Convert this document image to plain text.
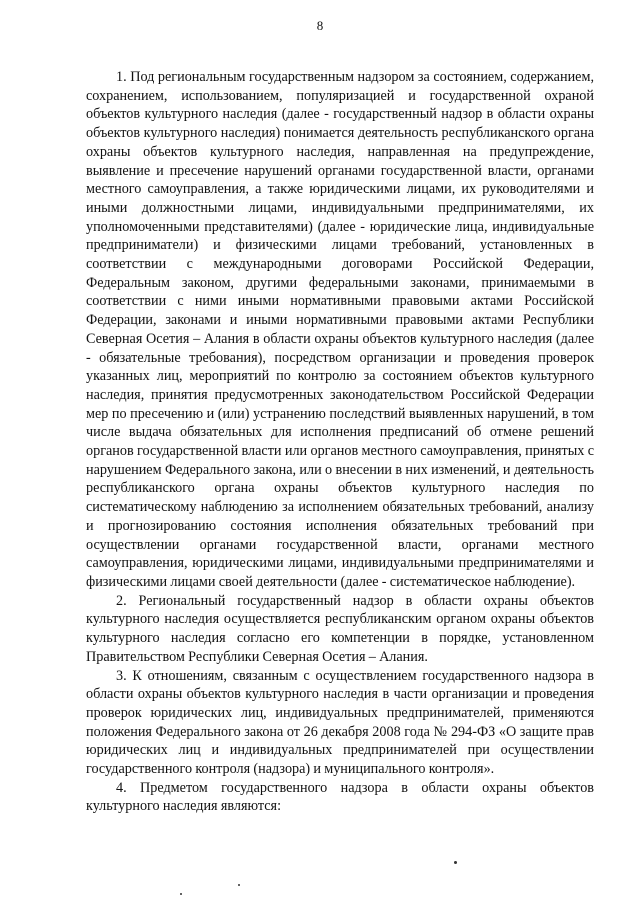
8

1. Под региональным государственным надзором за состоянием, содержанием, сохранением, использованием, популяризацией и государственной охраной объектов культурного наследия (далее - государственный надзор в области охраны объектов культурного наследия) понимается деятельность республиканского органа охраны объектов культурного наследия, направленная на предупреждение, выявление и пресечение нарушений органами государственной власти, органами местного самоуправления, а также юридическими лицами, их руководителями и иными должностными лицами, индивидуальными предпринимателями, их уполномоченными представителями) (далее - юридические лица, индивидуальные предприниматели) и физическими лицами требований, установленных в соответствии с международными договорами Российской Федерации, Федеральным законом, другими федеральными законами, принимаемыми в соответствии с ними иными нормативными правовыми актами Российской Федерации, законами и иными нормативными правовыми актами Республики Северная Осетия – Алания в области охраны объектов культурного наследия (далее - обязательные требования), посредством организации и проведения проверок указанных лиц, мероприятий по контролю за состоянием объектов культурного наследия, принятия предусмотренных законодательством Российской Федерации мер по пресечению и (или) устранению последствий выявленных нарушений, в том числе выдача обязательных для исполнения предписаний об отмене решений органов государственной власти или органов местного самоуправления, принятых с нарушением Федерального закона, или о внесении в них изменений, и деятельность республиканского органа охраны объектов культурного наследия по систематическому наблюдению за исполнением обязательных требований, анализу и прогнозированию состояния исполнения обязательных требований при осуществлении органами государственной власти, органами местного самоуправления, юридическими лицами, индивидуальными предпринимателями и физическими лицами своей деятельности (далее - систематическое наблюдение).

2. Региональный государственный надзор в области охраны объектов культурного наследия осуществляется республиканским органом охраны объектов культурного наследия согласно его компетенции в порядке, установленном Правительством Республики Северная Осетия – Алания.

3. К отношениям, связанным с осуществлением государственного надзора в области охраны объектов культурного наследия в части организации и проведения проверок юридических лиц, индивидуальных предпринимателей, применяются положения Федерального закона от 26 декабря 2008 года № 294-ФЗ «О защите прав юридических лиц и индивидуальных предпринимателей при осуществлении государственного контроля (надзора) и муниципального контроля».

4. Предметом государственного надзора в области охраны объектов культурного наследия являются:
